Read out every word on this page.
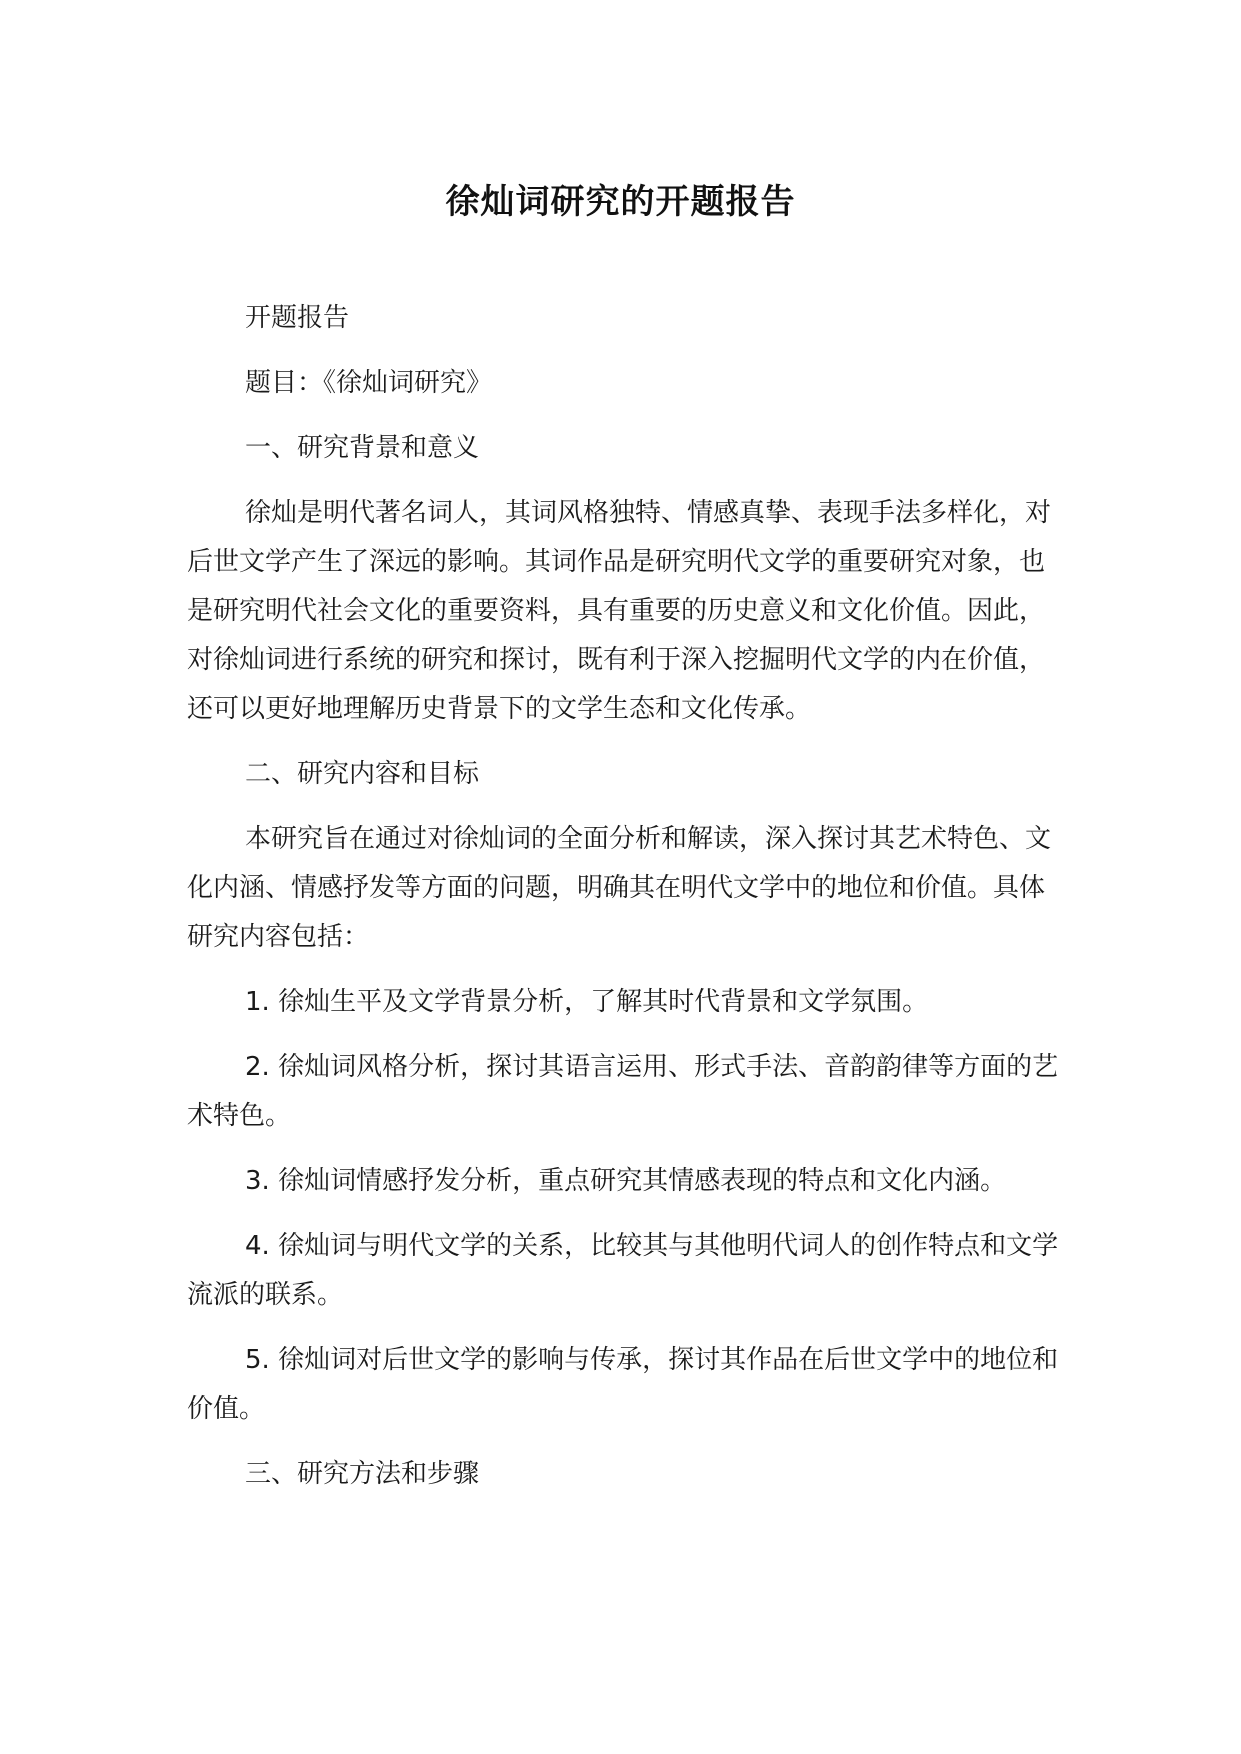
徐灿词研究的开题报告

开题报告

题目：《徐灿词研究》

一、研究背景和意义

徐灿是明代著名词人，其词风格独特、情感真挚、表现手法多样化，对后世文学产生了深远的影响。其词作品是研究明代文学的重要研究对象，也是研究明代社会文化的重要资料，具有重要的历史意义和文化价值。因此，对徐灿词进行系统的研究和探讨，既有利于深入挖掘明代文学的内在价值，还可以更好地理解历史背景下的文学生态和文化传承。

二、研究内容和目标

本研究旨在通过对徐灿词的全面分析和解读，深入探讨其艺术特色、文化内涵、情感抒发等方面的问题，明确其在明代文学中的地位和价值。具体研究内容包括：

1. 徐灿生平及文学背景分析，了解其时代背景和文学氛围。

2. 徐灿词风格分析，探讨其语言运用、形式手法、音韵韵律等方面的艺术特色。

3. 徐灿词情感抒发分析，重点研究其情感表现的特点和文化内涵。

4. 徐灿词与明代文学的关系，比较其与其他明代词人的创作特点和文学流派的联系。

5. 徐灿词对后世文学的影响与传承，探讨其作品在后世文学中的地位和价值。

三、研究方法和步骤
